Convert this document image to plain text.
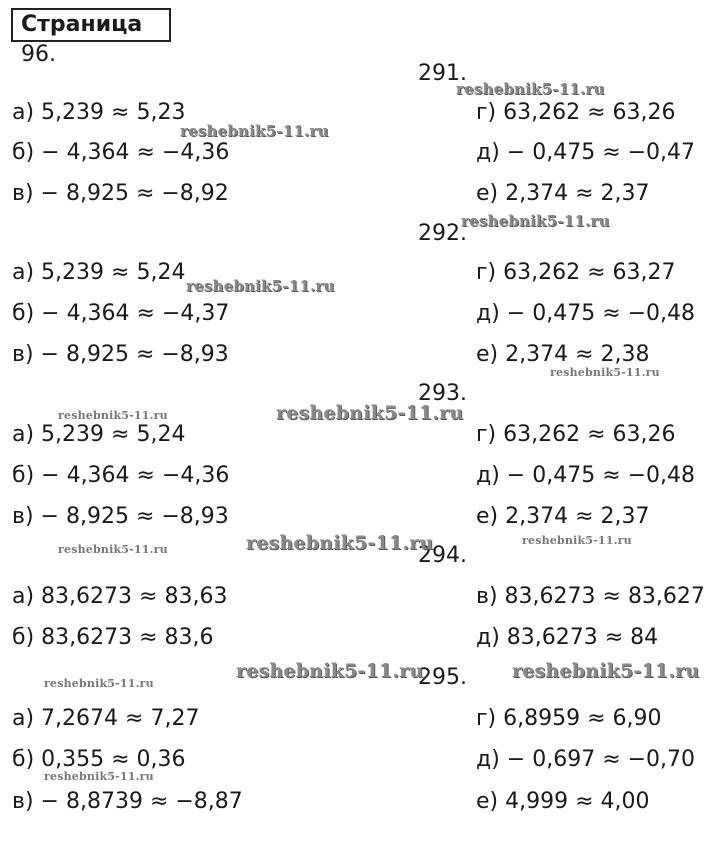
Страница 96.
291.
а) 5,239 ≈ 5,23
б) − 4,364 ≈ −4,36
в) − 8,925 ≈ −8,92
г) 63,262 ≈ 63,26
д) − 0,475 ≈ −0,47
е) 2,374 ≈ 2,37
292.
а) 5,239 ≈ 5,24
б) − 4,364 ≈ −4,37
в) − 8,925 ≈ −8,93
г) 63,262 ≈ 63,27
д) − 0,475 ≈ −0,48
е) 2,374 ≈ 2,38
293.
а) 5,239 ≈ 5,24
б) − 4,364 ≈ −4,36
в) − 8,925 ≈ −8,93
г) 63,262 ≈ 63,26
д) − 0,475 ≈ −0,48
е) 2,374 ≈ 2,37
294.
а) 83,6273 ≈ 83,63
б) 83,6273 ≈ 83,6
в) 83,6273 ≈ 83,627
д) 83,6273 ≈ 84
295.
а) 7,2674 ≈ 7,27
б) 0,355 ≈ 0,36
в) − 8,8739 ≈ −8,87
г) 6,8959 ≈ 6,90
д) − 0,697 ≈ −0,70
е) 4,999 ≈ 4,00
reshebnik5-11.ru
reshebnik5-11.ru
reshebnik5-11.ru
reshebnik5-11.ru
reshebnik5-11.ru
reshebnik5-11.ru	reshebnik5-11.ru
reshebnik5-11.ru
reshebnik5-11.ru
reshebnik5-11.ru
reshebnik5-11.ru	reshebnik5-11.ru
reshebnik5-11.ru
reshebnik5-11.ru
